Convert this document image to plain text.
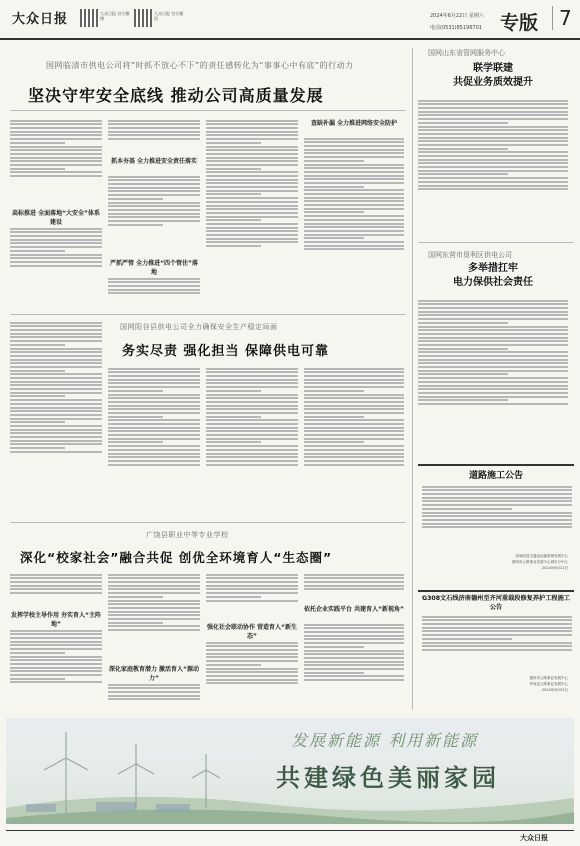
大众日报	大众日报 官方微博
大众日报 官方微信	2024年6月22日 星期六
电话(0531)85196701 专版	7
国网临清市供电公司将“时抓不放心不下”的责任感转化为“事事心中有底”的行动力
坚决守牢安全底线 推动公司高质量发展
高标推进 全面落地“大安全”体系建设
抓本夯基 全力推进安全责任落实
严抓严管 全力推进“四个管住”落地
查缺补漏 全力推进网络安全防护
国网阳谷县供电公司全力确保安全生产稳定局面
务实尽责 强化担当 保障供电可靠
广饶县职业中等专业学校
深化“校家社会”融合共促 创优全环境育人“生态圈”
发挥学校主导作用 夯实育人“主阵地”
深化家庭教育潜力 激活育人“源动力”
强化社会联动协作 营造育人“新生态”
依托企业实践平台 共建育人“新视角”
国网山东省管网服务中心
联学联建
共促业务质效提升
国网东营市垦利区供电公司
多举措扛牢
电力保供社会责任
道路施工公告
高城河县交通局运输管理发展中心
德州市公路事业发展中心城市分中心
2024年6月21日
G308文石线济南德州至齐河重载段修复养护工程施工公告
德州市公路事业发展中心
齐河县公路事业发展中心
2024年6月22日
发展新能源 利用新能源
共建绿色美丽家园
大众日报
